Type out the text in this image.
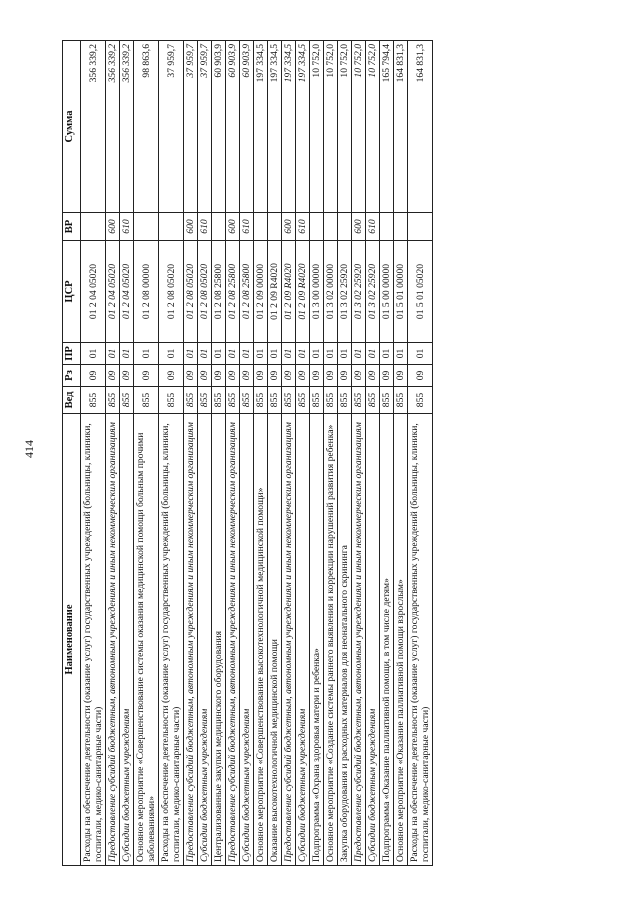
414
Наименование	Вед	Рз	ПР	ЦСР	ВР	Сумма
Расходы на обеспечение деятельности (оказание услуг) государственных учреждений (больницы, клиники, госпитали, медико-санитарные части)	855	09	01	01 2 04 05020		356 339,2
Предоставление субсидий бюджетным, автономным учреждениям и иным некоммерческим организациям	855	09	01	01 2 04 05020	600	356 339,2
Субсидии бюджетным учреждениям	855	09	01	01 2 04 05020	610	356 339,2
Основное мероприятие «Совершенствование системы оказания медицинской помощи больным прочими заболеваниями»	855	09	01	01 2 08 00000		98 863,6
Расходы на обеспечение деятельности (оказание услуг) государственных учреждений (больницы, клиники, госпитали, медико-санитарные части)	855	09	01	01 2 08 05020		37 959,7
Предоставление субсидий бюджетным, автономным учреждениям и иным некоммерческим организациям	855	09	01	01 2 08 05020	600	37 959,7
Субсидии бюджетным учреждениям	855	09	01	01 2 08 05020	610	37 959,7
Централизованные закупки медицинского оборудования	855	09	01	01 2 08 25800		60 903,9
Предоставление субсидий бюджетным, автономным учреждениям и иным некоммерческим организациям	855	09	01	01 2 08 25800	600	60 903,9
Субсидии бюджетным учреждениям	855	09	01	01 2 08 25800	610	60 903,9
Основное мероприятие «Совершенствование высокотехнологичной медицинской помощи»	855	09	01	01 2 09 00000		197 334,5
Оказание высокотехнологичной медицинской помощи	855	09	01	01 2 09 R4020		197 334,5
Предоставление субсидий бюджетным, автономным учреждениям и иным некоммерческим организациям	855	09	01	01 2 09 R4020	600	197 334,5
Субсидии бюджетным учреждениям	855	09	01	01 2 09 R4020	610	197 334,5
Подпрограмма «Охрана здоровья матери и ребенка»	855	09	01	01 3 00 00000		10 752,0
Основное мероприятие «Создание системы раннего выявления и коррекции нарушений развития ребенка»	855	09	01	01 3 02 00000		10 752,0
Закупка оборудования и расходных материалов для неонатального скрининга	855	09	01	01 3 02 25920		10 752,0
Предоставление субсидий бюджетным, автономным учреждениям и иным некоммерческим организациям	855	09	01	01 3 02 25920	600	10 752,0
Субсидии бюджетным учреждениям	855	09	01	01 3 02 25920	610	10 752,0
Подпрограмма «Оказание паллиативной помощи, в том числе детям»	855	09	01	01 5 00 00000		165 794,4
Основное мероприятие «Оказание паллиативной помощи взрослым»	855	09	01	01 5 01 00000		164 831,3
Расходы на обеспечение деятельности (оказание услуг) государственных учреждений (больницы, клиники, госпитали, медико-санитарные части)	855	09	01	01 5 01 05020		164 831,3
